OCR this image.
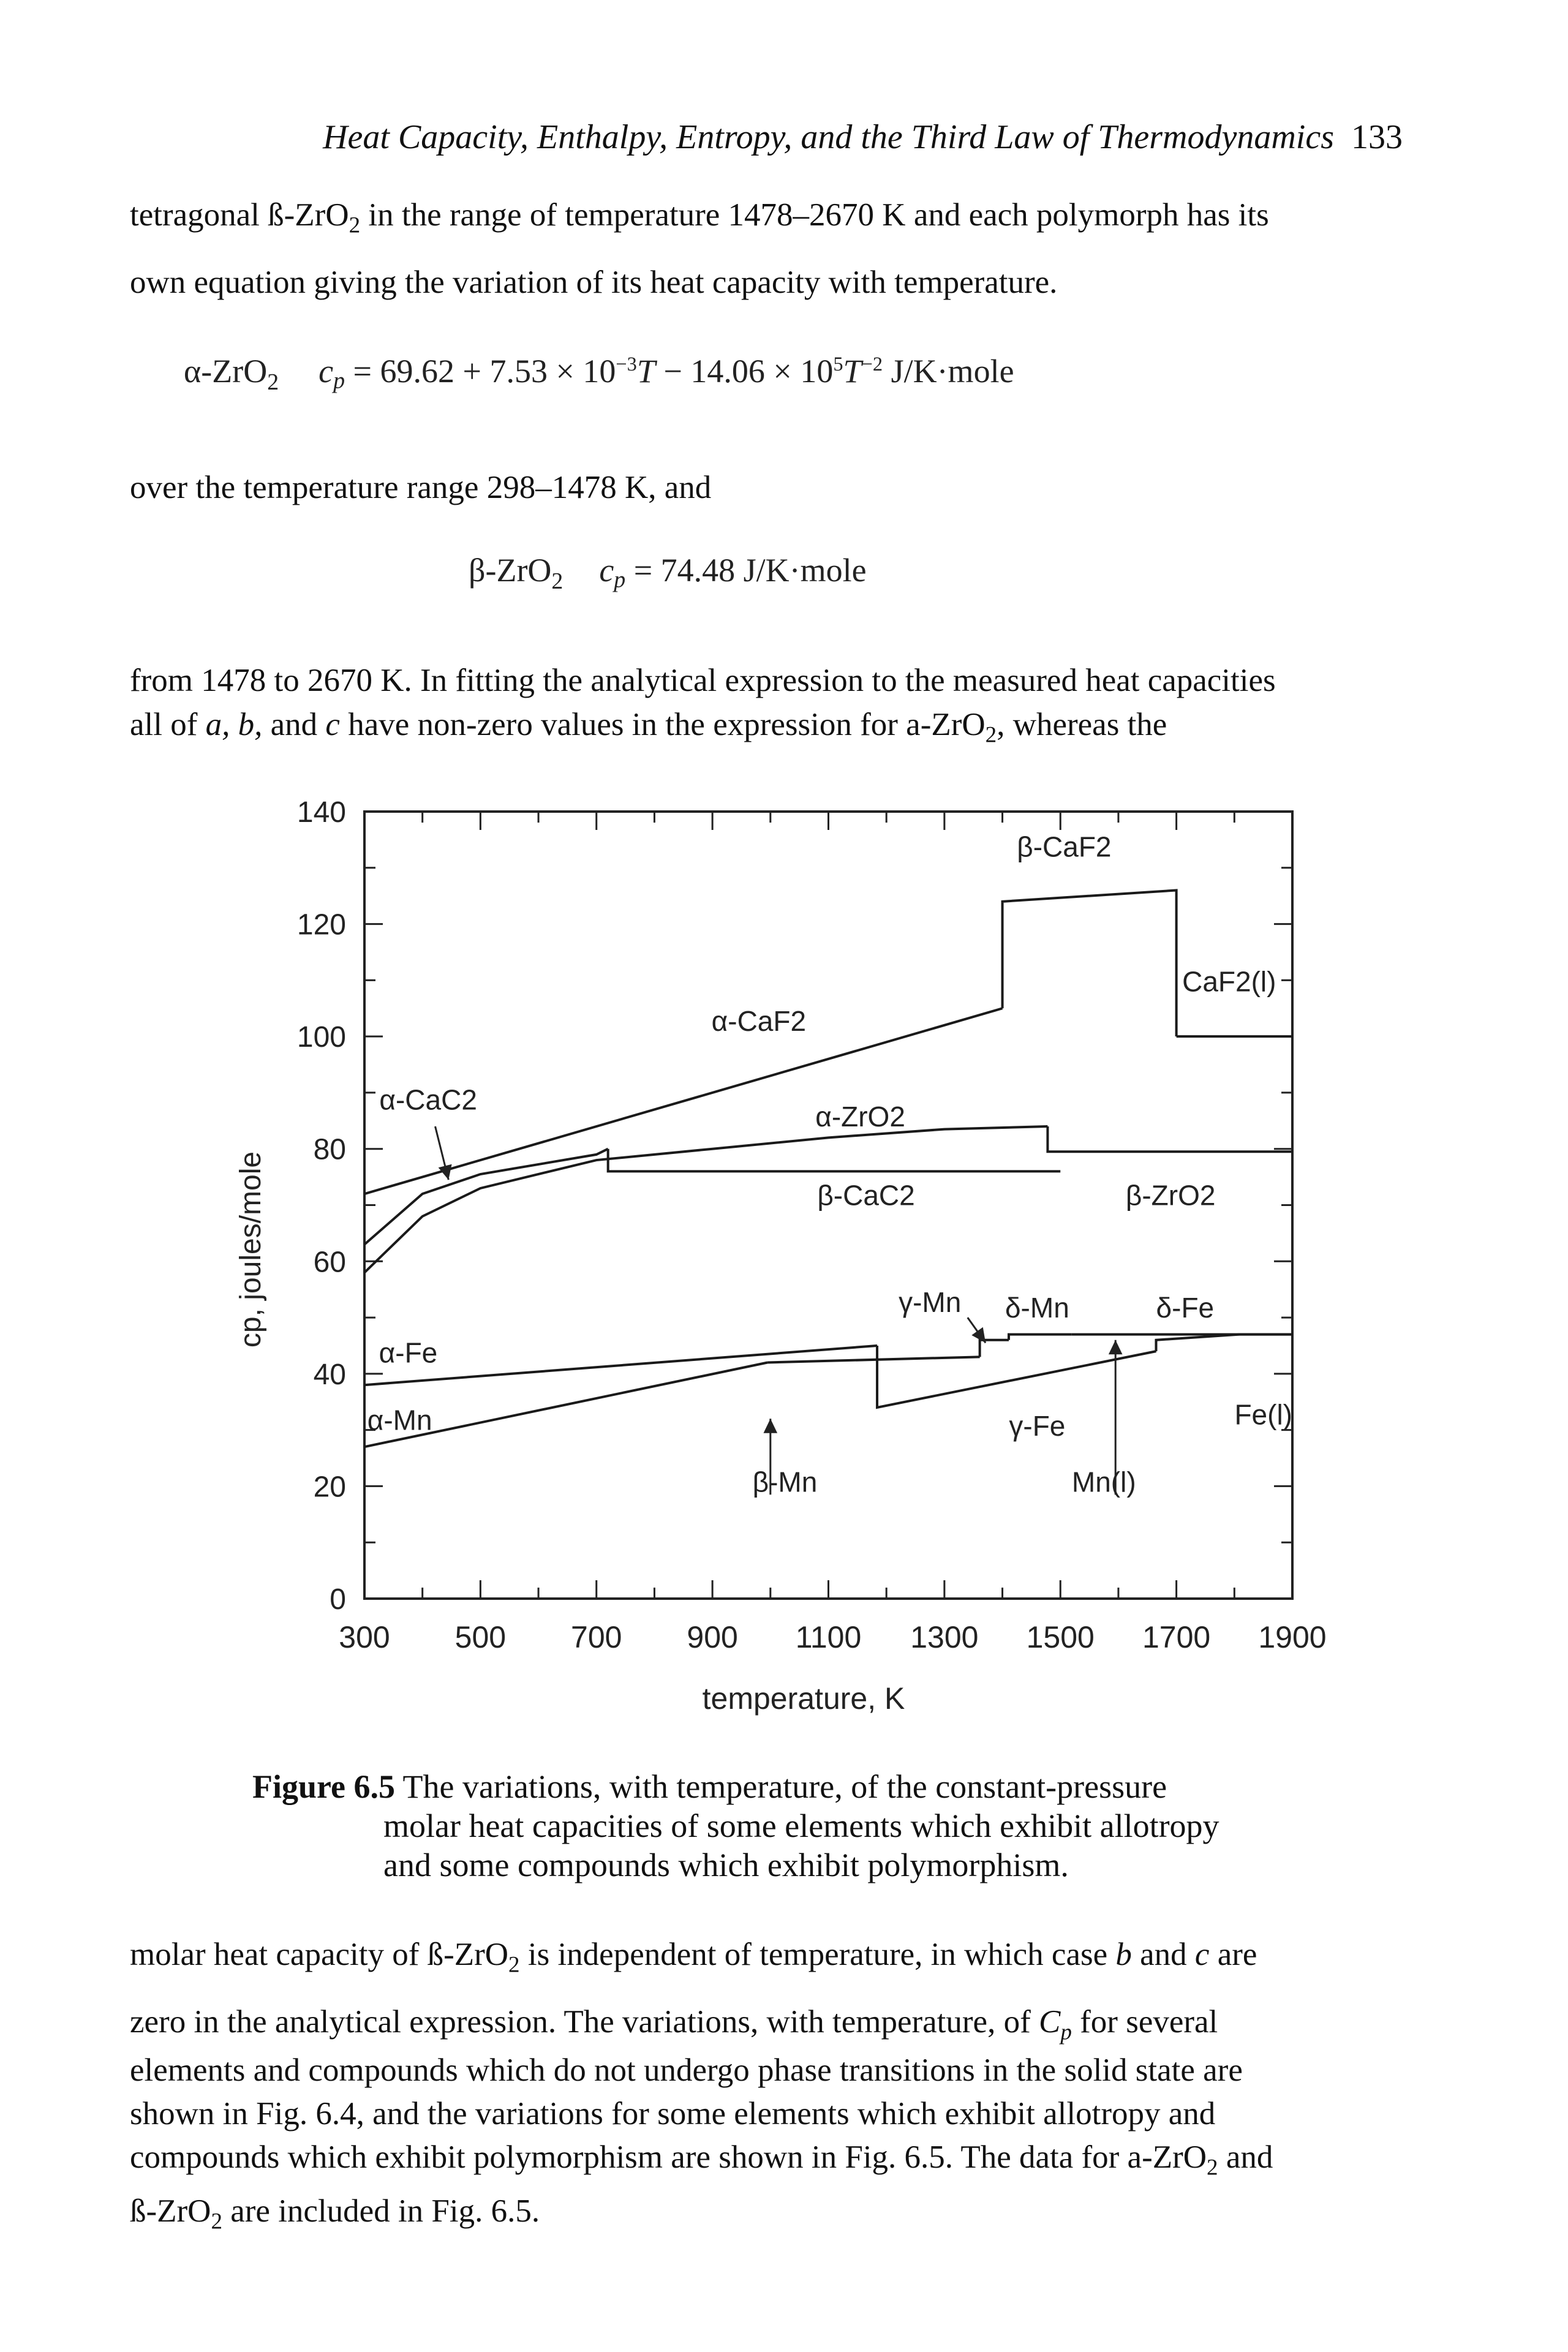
Heat Capacity, Enthalpy, Entropy, and the Third Law of Thermodynamics 133
tetragonal ß-ZrO$_2$ in the range of temperature 1478–2670 K and each polymorph has its
own equation giving the variation of its heat capacity with temperature.
α-ZrO$_2$ $c_p = 69.62 + 7.53 \times 10^{-3}T - 14.06 \times 10^5T^{-2}$ J/K·mole
over the temperature range 298–1478 K, and
β-ZrO$_2$ $c_p = 74.48$ J/K·mole
from 1478 to 2670 K. In fitting the analytical expression to the measured heat capacities
all of a, b, and c have non-zero values in the expression for a-ZrO$_2$, whereas the
β-CaF2
CaF2(l)
α-CaF2
α-CaC2
α-ZrO2
β-CaC2	β-ZrO2
γ-Mn δ-Mn	δ-Fe
α-Fe
α-Mn	γ-Fe	Fe(l)
β-Mn	Mn(l)
300 500 700 900 1100 1300 1500 1700 1900
0
20
40
60
80
100
120
140
temperature, K
cp, joules/mole
Figure 6.5 The variations, with temperature, of the constant-pressure
molar heat capacities of some elements which exhibit allotropy
and some compounds which exhibit polymorphism.
molar heat capacity of ß-ZrO$_2$ is independent of temperature, in which case b and c are
zero in the analytical expression. The variations, with temperature, of $C_p$ for several
elements and compounds which do not undergo phase transitions in the solid state are
shown in Fig. 6.4, and the variations for some elements which exhibit allotropy and
compounds which exhibit polymorphism are shown in Fig. 6.5. The data for a-ZrO$_2$ and
ß-ZrO$_2$ are included in Fig. 6.5.
